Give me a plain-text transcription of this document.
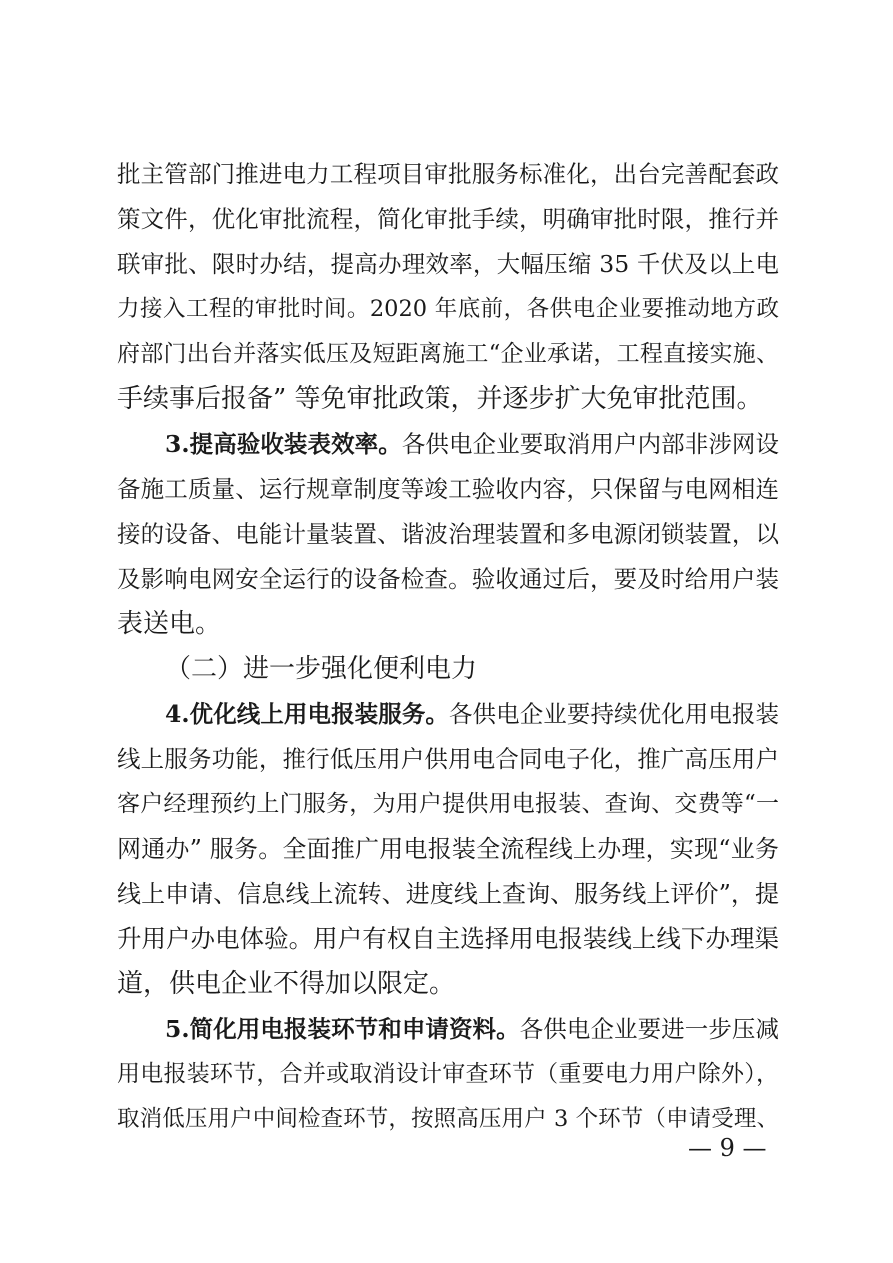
批主管部门推进电力工程项目审批服务标准化，出台完善配套政
策文件，优化审批流程，简化审批手续，明确审批时限，推行并
联审批、限时办结，提高办理效率，大幅压缩 35 千伏及以上电
力接入工程的审批时间。2020 年底前，各供电企业要推动地方政
府部门出台并落实低压及短距离施工“企业承诺，工程直接实施、
手续事后报备” 等免审批政策，并逐步扩大免审批范围。
3.提高验收装表效率。各供电企业要取消用户内部非涉网设
备施工质量、运行规章制度等竣工验收内容，只保留与电网相连
接的设备、电能计量装置、谐波治理装置和多电源闭锁装置，以
及影响电网安全运行的设备检查。验收通过后，要及时给用户装
表送电。
（二）进一步强化便利电力
4.优化线上用电报装服务。各供电企业要持续优化用电报装
线上服务功能，推行低压用户供用电合同电子化，推广高压用户
客户经理预约上门服务，为用户提供用电报装、查询、交费等“一
网通办” 服务。全面推广用电报装全流程线上办理，实现“业务
线上申请、信息线上流转、进度线上查询、服务线上评价”，提
升用户办电体验。用户有权自主选择用电报装线上线下办理渠
道，供电企业不得加以限定。
5.简化用电报装环节和申请资料。各供电企业要进一步压减
用电报装环节，合并或取消设计审查环节（重要电力用户除外），
取消低压用户中间检查环节，按照高压用户 3 个环节（申请受理、
— 9 —
